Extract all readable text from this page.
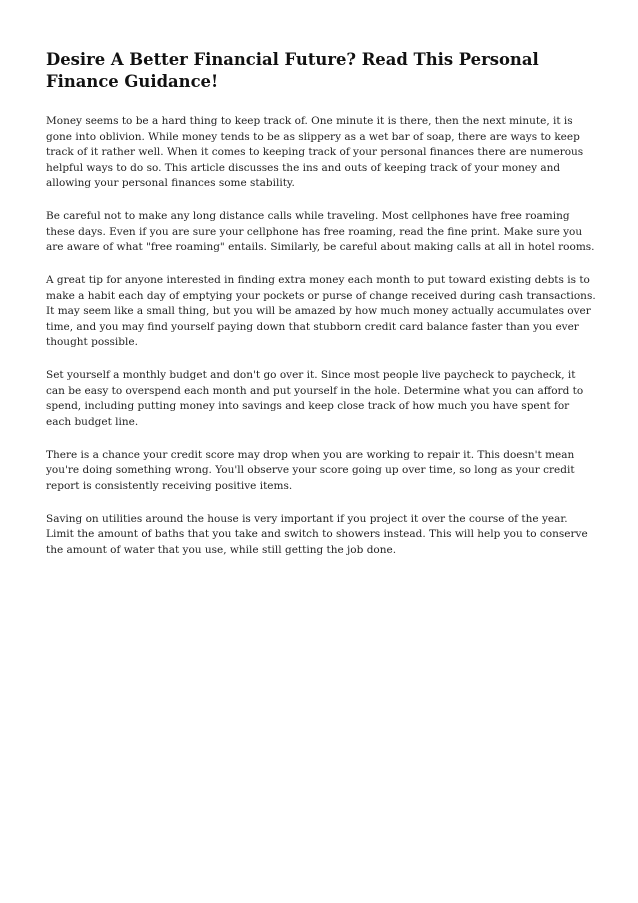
Desire A Better Financial Future? Read This Personal Finance Guidance!

Money seems to be a hard thing to keep track of. One minute it is there, then the next minute, it is gone into oblivion. While money tends to be as slippery as a wet bar of soap, there are ways to keep track of it rather well. When it comes to keeping track of your personal finances there are numerous helpful ways to do so. This article discusses the ins and outs of keeping track of your money and allowing your personal finances some stability.

Be careful not to make any long distance calls while traveling. Most cellphones have free roaming these days. Even if you are sure your cellphone has free roaming, read the fine print. Make sure you are aware of what "free roaming" entails. Similarly, be careful about making calls at all in hotel rooms.

A great tip for anyone interested in finding extra money each month to put toward existing debts is to make a habit each day of emptying your pockets or purse of change received during cash transactions. It may seem like a small thing, but you will be amazed by how much money actually accumulates over time, and you may find yourself paying down that stubborn credit card balance faster than you ever thought possible.

Set yourself a monthly budget and don't go over it. Since most people live paycheck to paycheck, it can be easy to overspend each month and put yourself in the hole. Determine what you can afford to spend, including putting money into savings and keep close track of how much you have spent for each budget line.

There is a chance your credit score may drop when you are working to repair it. This doesn't mean you're doing something wrong. You'll observe your score going up over time, so long as your credit report is consistently receiving positive items.

Saving on utilities around the house is very important if you project it over the course of the year. Limit the amount of baths that you take and switch to showers instead. This will help you to conserve the amount of water that you use, while still getting the job done.
